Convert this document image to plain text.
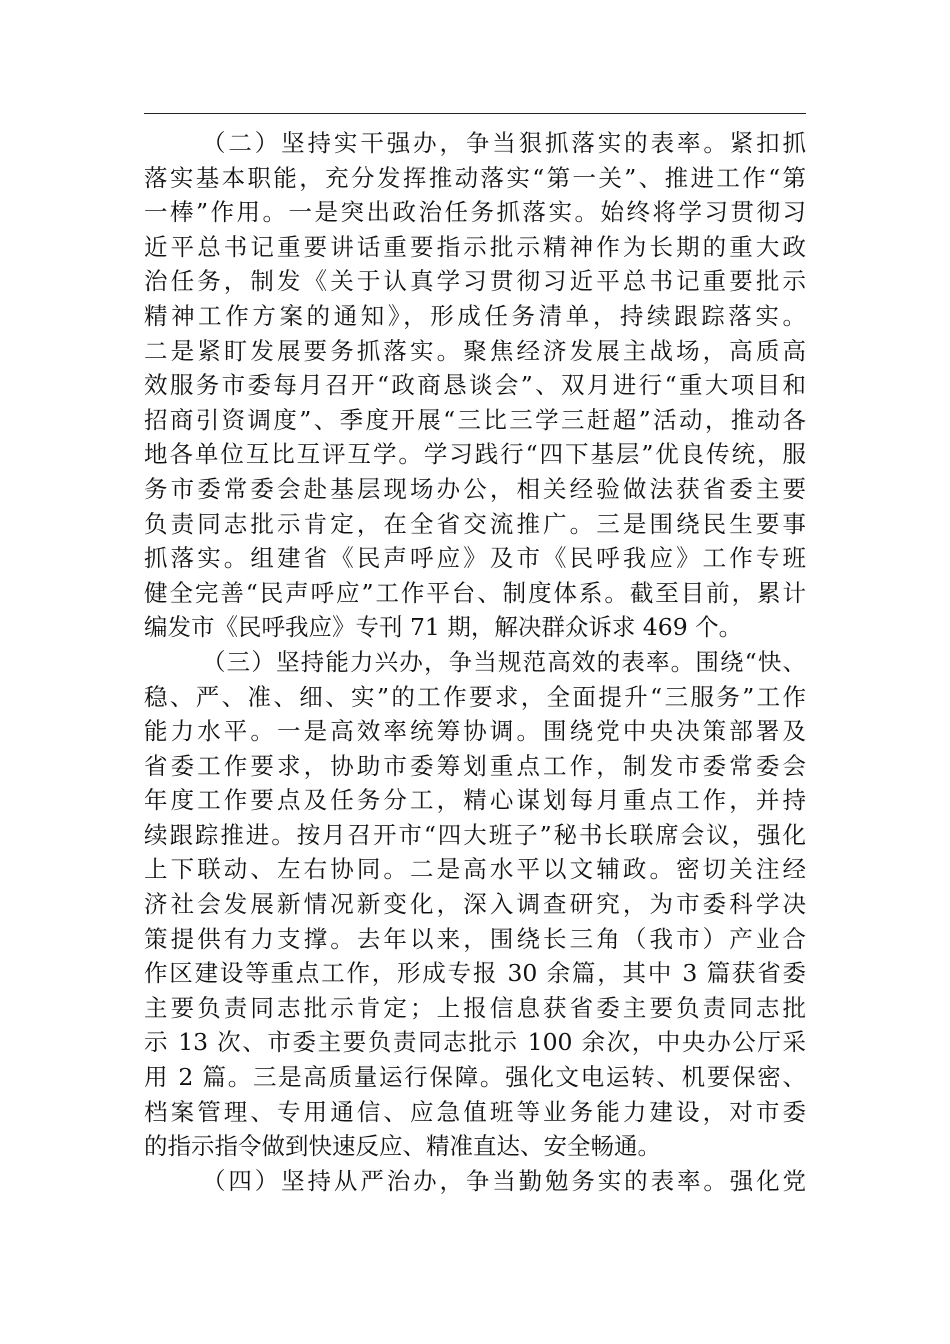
（二）坚持实干强办，争当狠抓落实的表率。紧扣抓
落实基本职能，充分发挥推动落实“第一关”、推进工作“第
一棒”作用。一是突出政治任务抓落实。始终将学习贯彻习
近平总书记重要讲话重要指示批示精神作为长期的重大政
治任务，制发《关于认真学习贯彻习近平总书记重要批示
精神工作方案的通知》，形成任务清单，持续跟踪落实。
二是紧盯发展要务抓落实。聚焦经济发展主战场，高质高
效服务市委每月召开“政商恳谈会”、双月进行“重大项目和
招商引资调度”、季度开展“三比三学三赶超”活动，推动各
地各单位互比互评互学。学习践行“四下基层”优良传统，服
务市委常委会赴基层现场办公，相关经验做法获省委主要
负责同志批示肯定，在全省交流推广。三是围绕民生要事
抓落实。组建省《民声呼应》及市《民呼我应》工作专班
健全完善“民声呼应”工作平台、制度体系。截至目前，累计
编发市《民呼我应》专刊 71 期，解决群众诉求 469 个。
（三）坚持能力兴办，争当规范高效的表率。围绕“快、
稳、严、准、细、实”的工作要求，全面提升“三服务”工作
能力水平。一是高效率统筹协调。围绕党中央决策部署及
省委工作要求，协助市委筹划重点工作，制发市委常委会
年度工作要点及任务分工，精心谋划每月重点工作，并持
续跟踪推进。按月召开市“四大班子”秘书长联席会议，强化
上下联动、左右协同。二是高水平以文辅政。密切关注经
济社会发展新情况新变化，深入调查研究，为市委科学决
策提供有力支撑。去年以来，围绕长三角（我市）产业合
作区建设等重点工作，形成专报 30 余篇，其中 3 篇获省委
主要负责同志批示肯定；上报信息获省委主要负责同志批
示 13 次、市委主要负责同志批示 100 余次，中央办公厅采
用 2 篇。三是高质量运行保障。强化文电运转、机要保密、
档案管理、专用通信、应急值班等业务能力建设，对市委
的指示指令做到快速反应、精准直达、安全畅通。
（四）坚持从严治办，争当勤勉务实的表率。强化党
